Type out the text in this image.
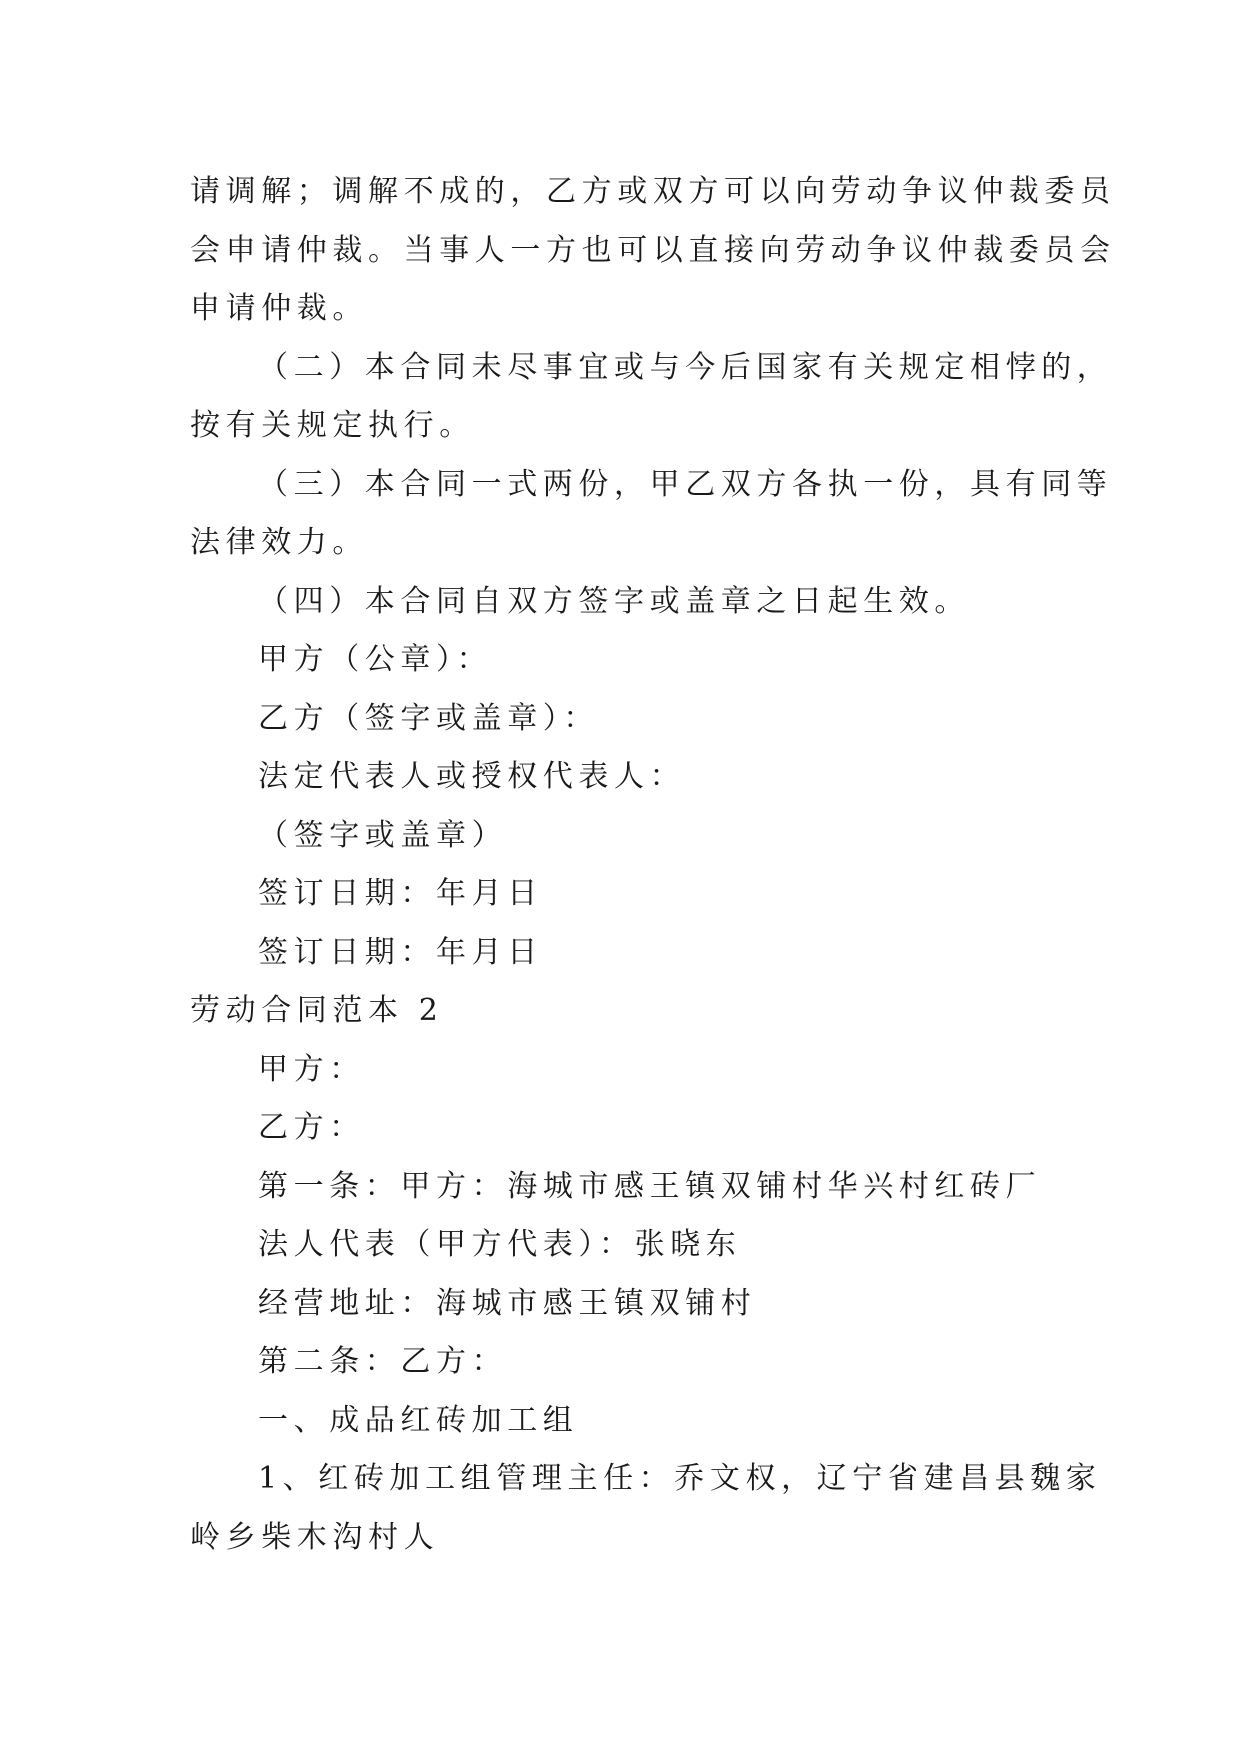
请调解；调解不成的，乙方或双方可以向劳动争议仲裁委员
会申请仲裁。当事人一方也可以直接向劳动争议仲裁委员会
申请仲裁。

（二）本合同未尽事宜或与今后国家有关规定相悖的，
按有关规定执行。

（三）本合同一式两份，甲乙双方各执一份，具有同等
法律效力。

（四）本合同自双方签字或盖章之日起生效。

甲方（公章）：

乙方（签字或盖章）：

法定代表人或授权代表人：

（签字或盖章）

签订日期：年月日

签订日期：年月日

劳动合同范本 2

甲方：

乙方：

第一条：甲方：海城市感王镇双铺村华兴村红砖厂

法人代表（甲方代表）：张晓东

经营地址：海城市感王镇双铺村

第二条：乙方：

一、成品红砖加工组

1、红砖加工组管理主任：乔文权，辽宁省建昌县魏家
岭乡柴木沟村人
